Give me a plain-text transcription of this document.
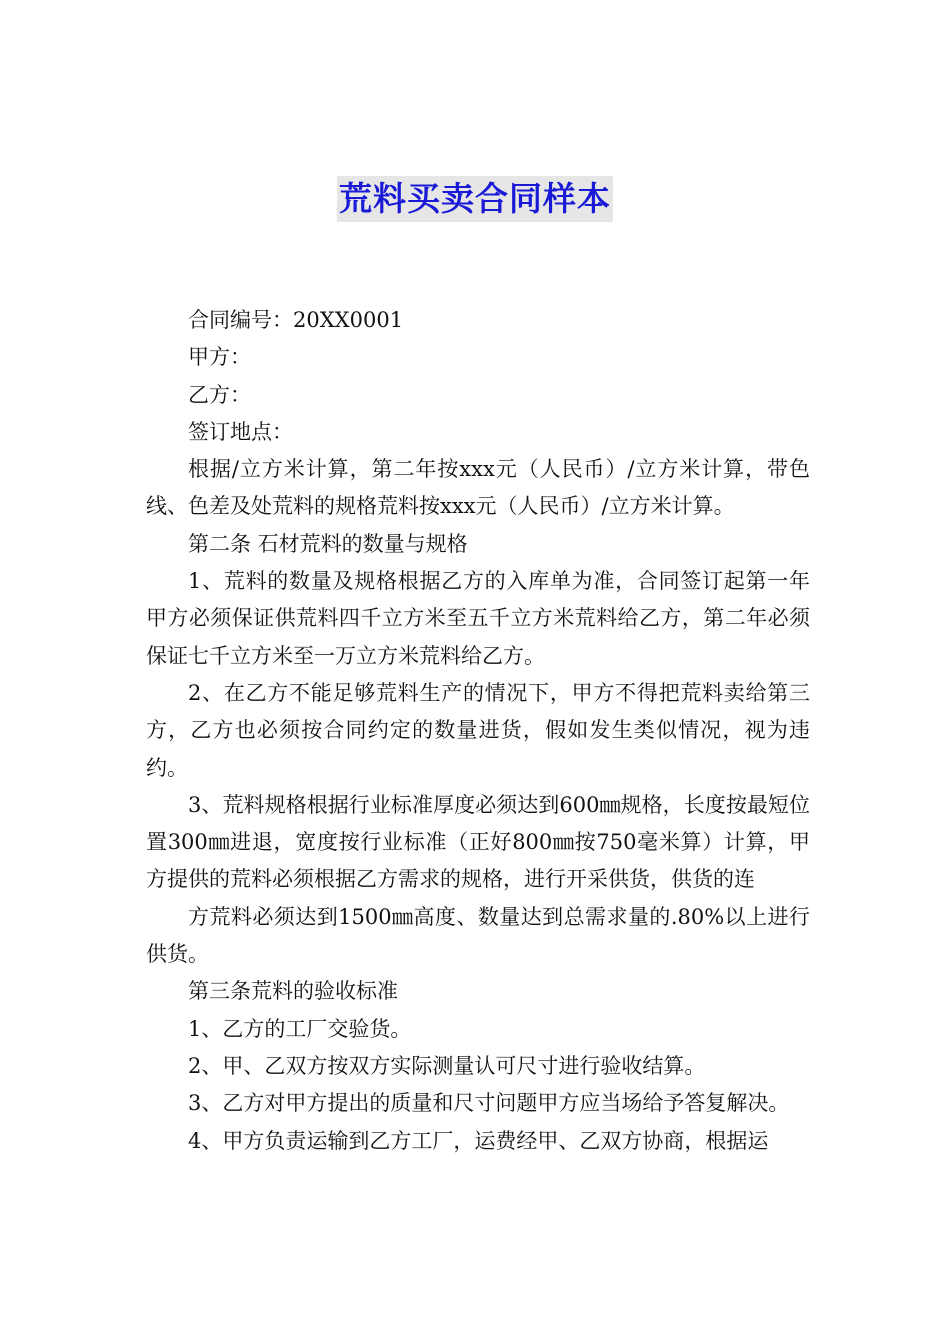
荒料买卖合同样本

合同编号：20XX0001

甲方：

乙方：

签订地点：

根据/立方米计算，第二年按xxx元（人民币）/立方米计算，带色线、色差及处荒料的规格荒料按xxx元（人民币）/立方米计算。

第二条 石材荒料的数量与规格

1、荒料的数量及规格根据乙方的入库单为准，合同签订起第一年甲方必须保证供荒料四千立方米至五千立方米荒料给乙方，第二年必须保证七千立方米至一万立方米荒料给乙方。

2、在乙方不能足够荒料生产的情况下，甲方不得把荒料卖给第三方，乙方也必须按合同约定的数量进货，假如发生类似情况，视为违约。

3、荒料规格根据行业标准厚度必须达到600㎜规格，长度按最短位置300㎜进退，宽度按行业标准（正好800㎜按750毫米算）计算，甲方提供的荒料必须根据乙方需求的规格，进行开采供货，供货的连

方荒料必须达到1500㎜高度、数量达到总需求量的.80%以上进行供货。

第三条荒料的验收标准

1、乙方的工厂交验货。

2、甲、乙双方按双方实际测量认可尺寸进行验收结算。

3、乙方对甲方提出的质量和尺寸问题甲方应当场给予答复解决。

4、甲方负责运输到乙方工厂，运费经甲、乙双方协商，根据运
